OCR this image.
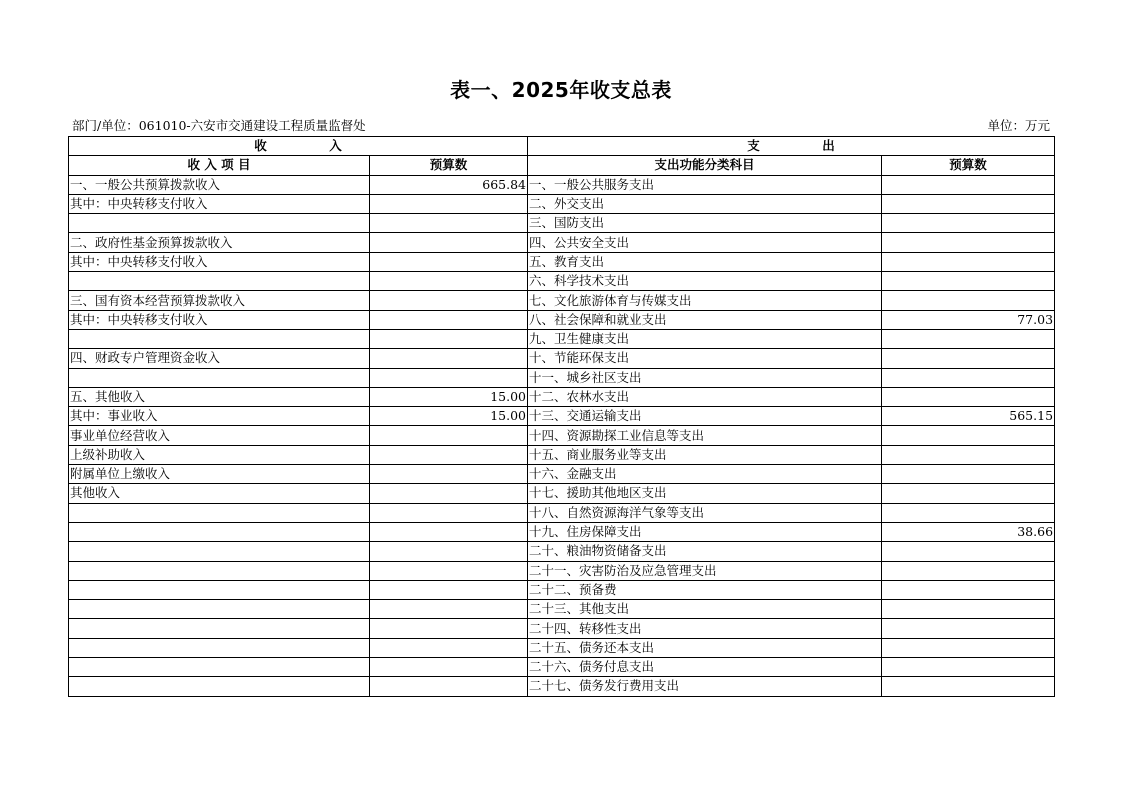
表一、2025年收支总表
部门/单位：061010-六安市交通建设工程质量监督处	单位：万元
收　　　　　入		支　　　　　出	
收 入 项 目	预算数	支出功能分类科目	预算数
一、一般公共预算拨款收入	665.84	一、一般公共服务支出	
其中：中央转移支付收入		二、外交支出	
		三、国防支出	
二、政府性基金预算拨款收入		四、公共安全支出	
其中：中央转移支付收入		五、教育支出	
		六、科学技术支出	
三、国有资本经营预算拨款收入		七、文化旅游体育与传媒支出	
其中：中央转移支付收入		八、社会保障和就业支出	77.03
		九、卫生健康支出	
四、财政专户管理资金收入		十、节能环保支出	
		十一、城乡社区支出	
五、其他收入	15.00	十二、农林水支出	
其中：事业收入	15.00	十三、交通运输支出	565.15
事业单位经营收入		十四、资源勘探工业信息等支出	
上级补助收入		十五、商业服务业等支出	
附属单位上缴收入		十六、金融支出	
其他收入		十七、援助其他地区支出	
		十八、自然资源海洋气象等支出	
		十九、住房保障支出	38.66
		二十、粮油物资储备支出	
		二十一、灾害防治及应急管理支出	
		二十二、预备费	
		二十三、其他支出	
		二十四、转移性支出	
		二十五、债务还本支出	
		二十六、债务付息支出	
		二十七、债务发行费用支出	
